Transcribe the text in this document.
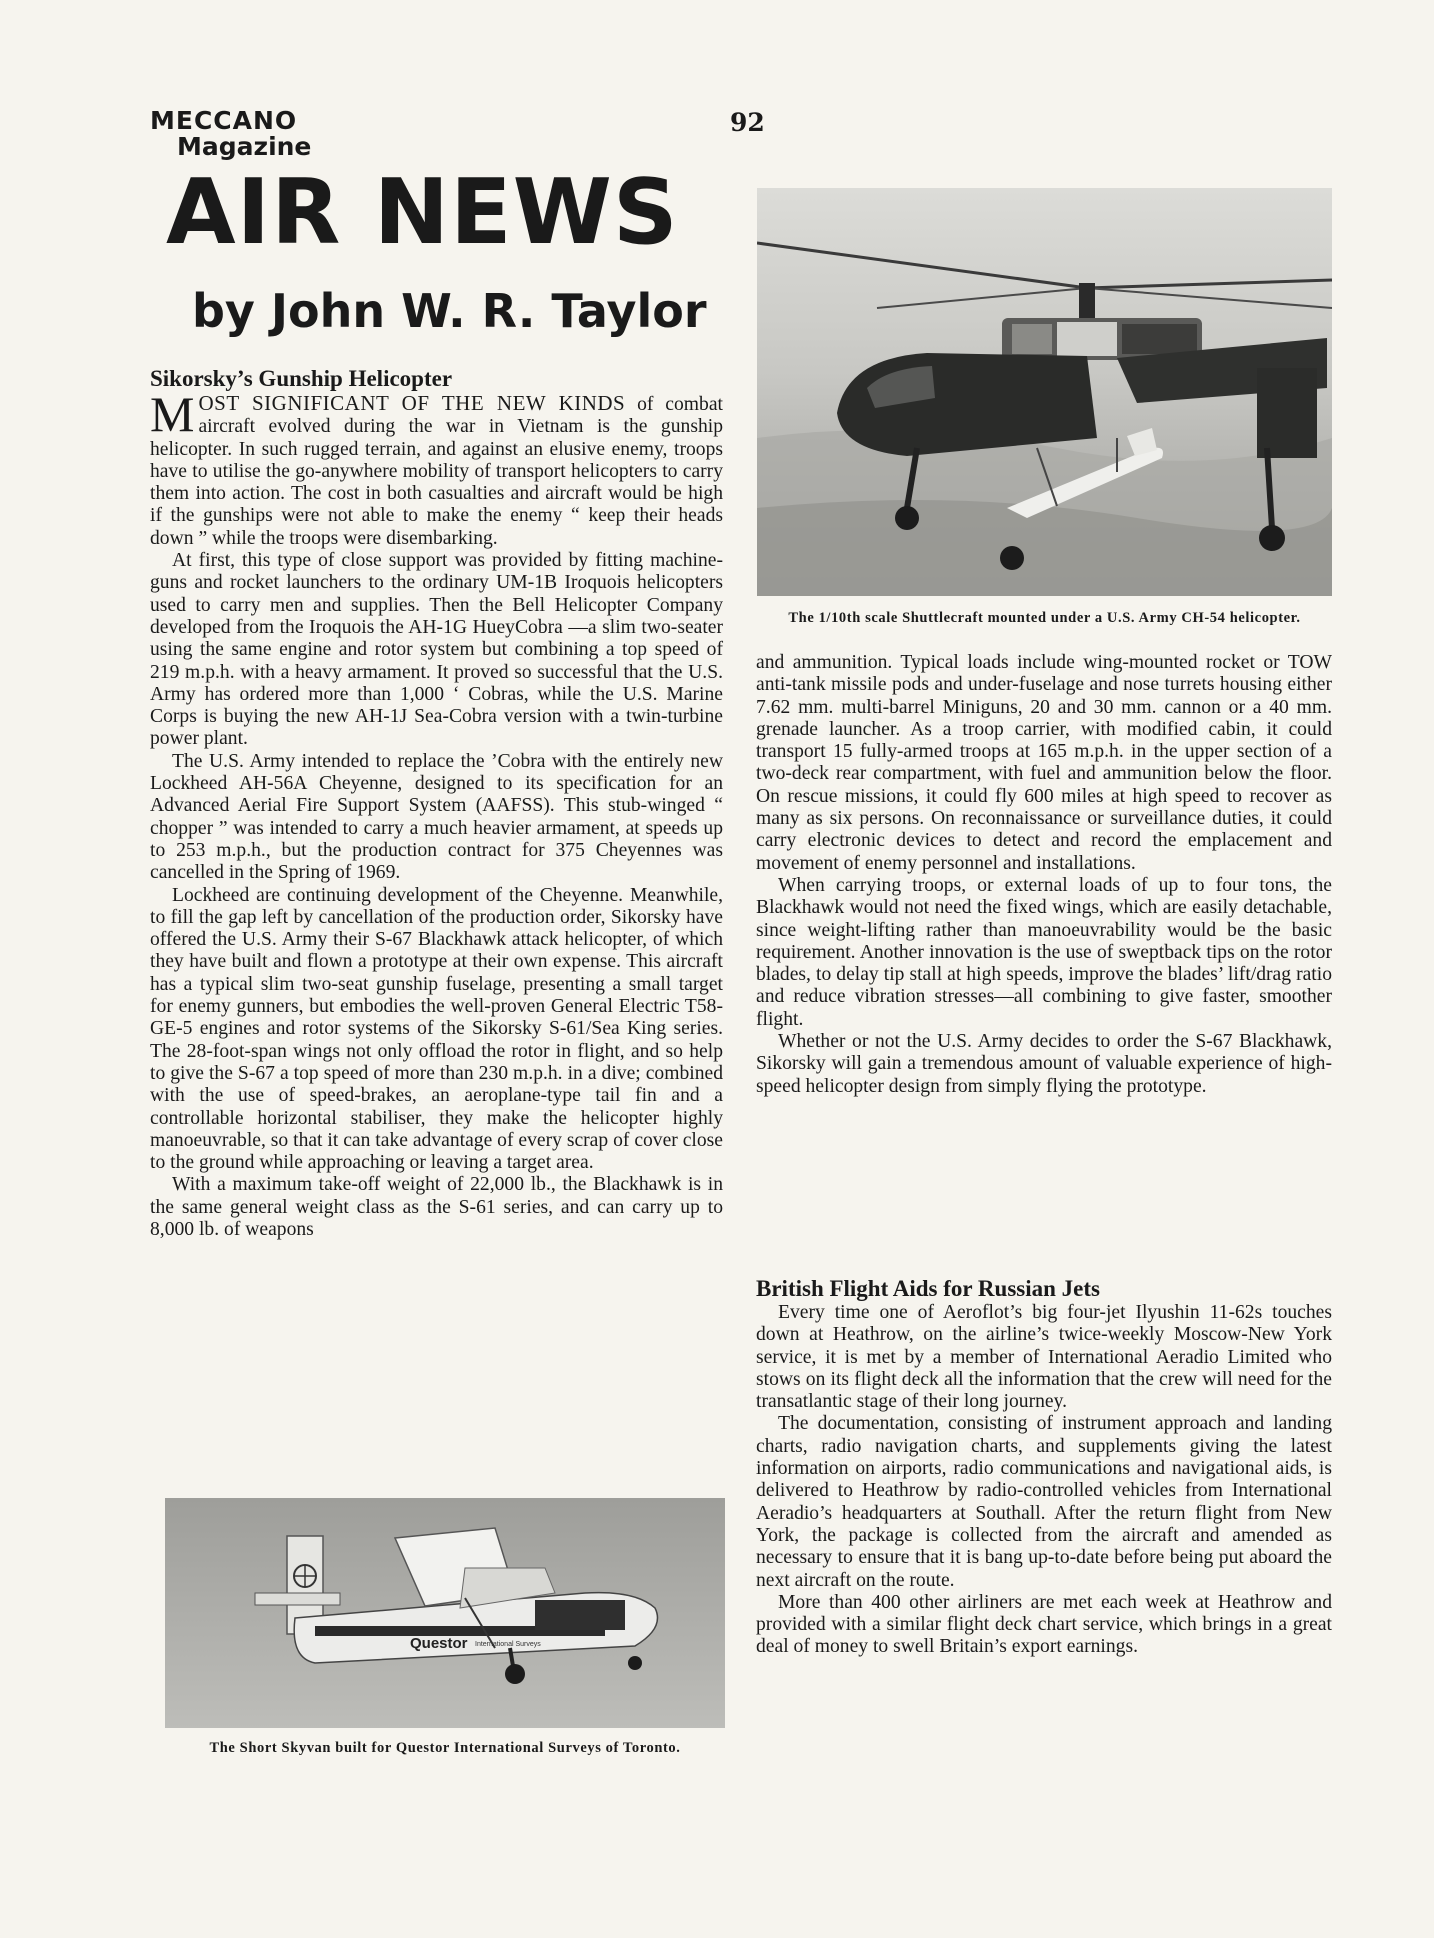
MECCANO
Magazine
92
AIR NEWS
by John W. R. Taylor
Sikorsky’s Gunship Helicopter

MOST SIGNIFICANT OF THE NEW KINDS of combat aircraft evolved during the war in Vietnam is the gunship helicopter. In such rugged terrain, and against an elusive enemy, troops have to utilise the go-anywhere mobility of transport helicopters to carry them into action. The cost in both casualties and aircraft would be high if the gunships were not able to make the enemy “ keep their heads down ” while the troops were disembarking.

At first, this type of close support was provided by fitting machine-guns and rocket launchers to the ordinary UM-1B Iroquois helicopters used to carry men and supplies. Then the Bell Helicopter Company developed from the Iroquois the AH-1G HueyCobra —a slim two-seater using the same engine and rotor system but combining a top speed of 219 m.p.h. with a heavy armament. It proved so successful that the U.S. Army has ordered more than 1,000 ‘ Cobras, while the U.S. Marine Corps is buying the new AH-1J Sea-Cobra version with a twin-turbine power plant.

The U.S. Army intended to replace the ’Cobra with the entirely new Lockheed AH-56A Cheyenne, designed to its specification for an Advanced Aerial Fire Support System (AAFSS). This stub-winged “ chopper ” was intended to carry a much heavier armament, at speeds up to 253 m.p.h., but the production contract for 375 Cheyennes was cancelled in the Spring of 1969.

Lockheed are continuing development of the Cheyenne. Meanwhile, to fill the gap left by cancellation of the production order, Sikorsky have offered the U.S. Army their S-67 Blackhawk attack helicopter, of which they have built and flown a prototype at their own expense. This aircraft has a typical slim two-seat gunship fuselage, presenting a small target for enemy gunners, but embodies the well-proven General Electric T58-GE-5 engines and rotor systems of the Sikorsky S-61/Sea King series. The 28-foot-span wings not only offload the rotor in flight, and so help to give the S-67 a top speed of more than 230 m.p.h. in a dive; combined with the use of speed-brakes, an aeroplane-type tail fin and a controllable horizontal stabiliser, they make the helicopter highly manoeuvrable, so that it can take advantage of every scrap of cover close to the ground while approaching or leaving a target area.

With a maximum take-off weight of 22,000 lb., the Blackhawk is in the same general weight class as the S-61 series, and can carry up to 8,000 lb. of weapons

The 1/10th scale Shuttlecraft mounted under a U.S. Army CH-54 helicopter.

and ammunition. Typical loads include wing-mounted rocket or TOW anti-tank missile pods and under-fuselage and nose turrets housing either 7.62 mm. multi-barrel Miniguns, 20 and 30 mm. cannon or a 40 mm. grenade launcher. As a troop carrier, with modified cabin, it could transport 15 fully-armed troops at 165 m.p.h. in the upper section of a two-deck rear compartment, with fuel and ammunition below the floor. On rescue missions, it could fly 600 miles at high speed to recover as many as six persons. On reconnaissance or surveillance duties, it could carry electronic devices to detect and record the emplacement and movement of enemy personnel and installations.

When carrying troops, or external loads of up to four tons, the Blackhawk would not need the fixed wings, which are easily detachable, since weight-lifting rather than manoeuvrability would be the basic requirement. Another innovation is the use of sweptback tips on the rotor blades, to delay tip stall at high speeds, improve the blades’ lift/drag ratio and reduce vibration stresses—all combining to give faster, smoother flight.

Whether or not the U.S. Army decides to order the S-67 Blackhawk, Sikorsky will gain a tremendous amount of valuable experience of high-speed helicopter design from simply flying the prototype.

British Flight Aids for Russian Jets

Every time one of Aeroflot’s big four-jet Ilyushin 11-62s touches down at Heathrow, on the airline’s twice-weekly Moscow-New York service, it is met by a member of International Aeradio Limited who stows on its flight deck all the information that the crew will need for the transatlantic stage of their long journey.

The documentation, consisting of instrument approach and landing charts, radio navigation charts, and supplements giving the latest information on airports, radio communications and navigational aids, is delivered to Heathrow by radio-controlled vehicles from International Aeradio’s headquarters at Southall. After the return flight from New York, the package is collected from the aircraft and amended as necessary to ensure that it is bang up-to-date before being put aboard the next aircraft on the route.

More than 400 other airliners are met each week at Heathrow and provided with a similar flight deck chart service, which brings in a great deal of money to swell Britain’s export earnings.

Questor International Surveys
The Short Skyvan built for Questor International Surveys of Toronto.
